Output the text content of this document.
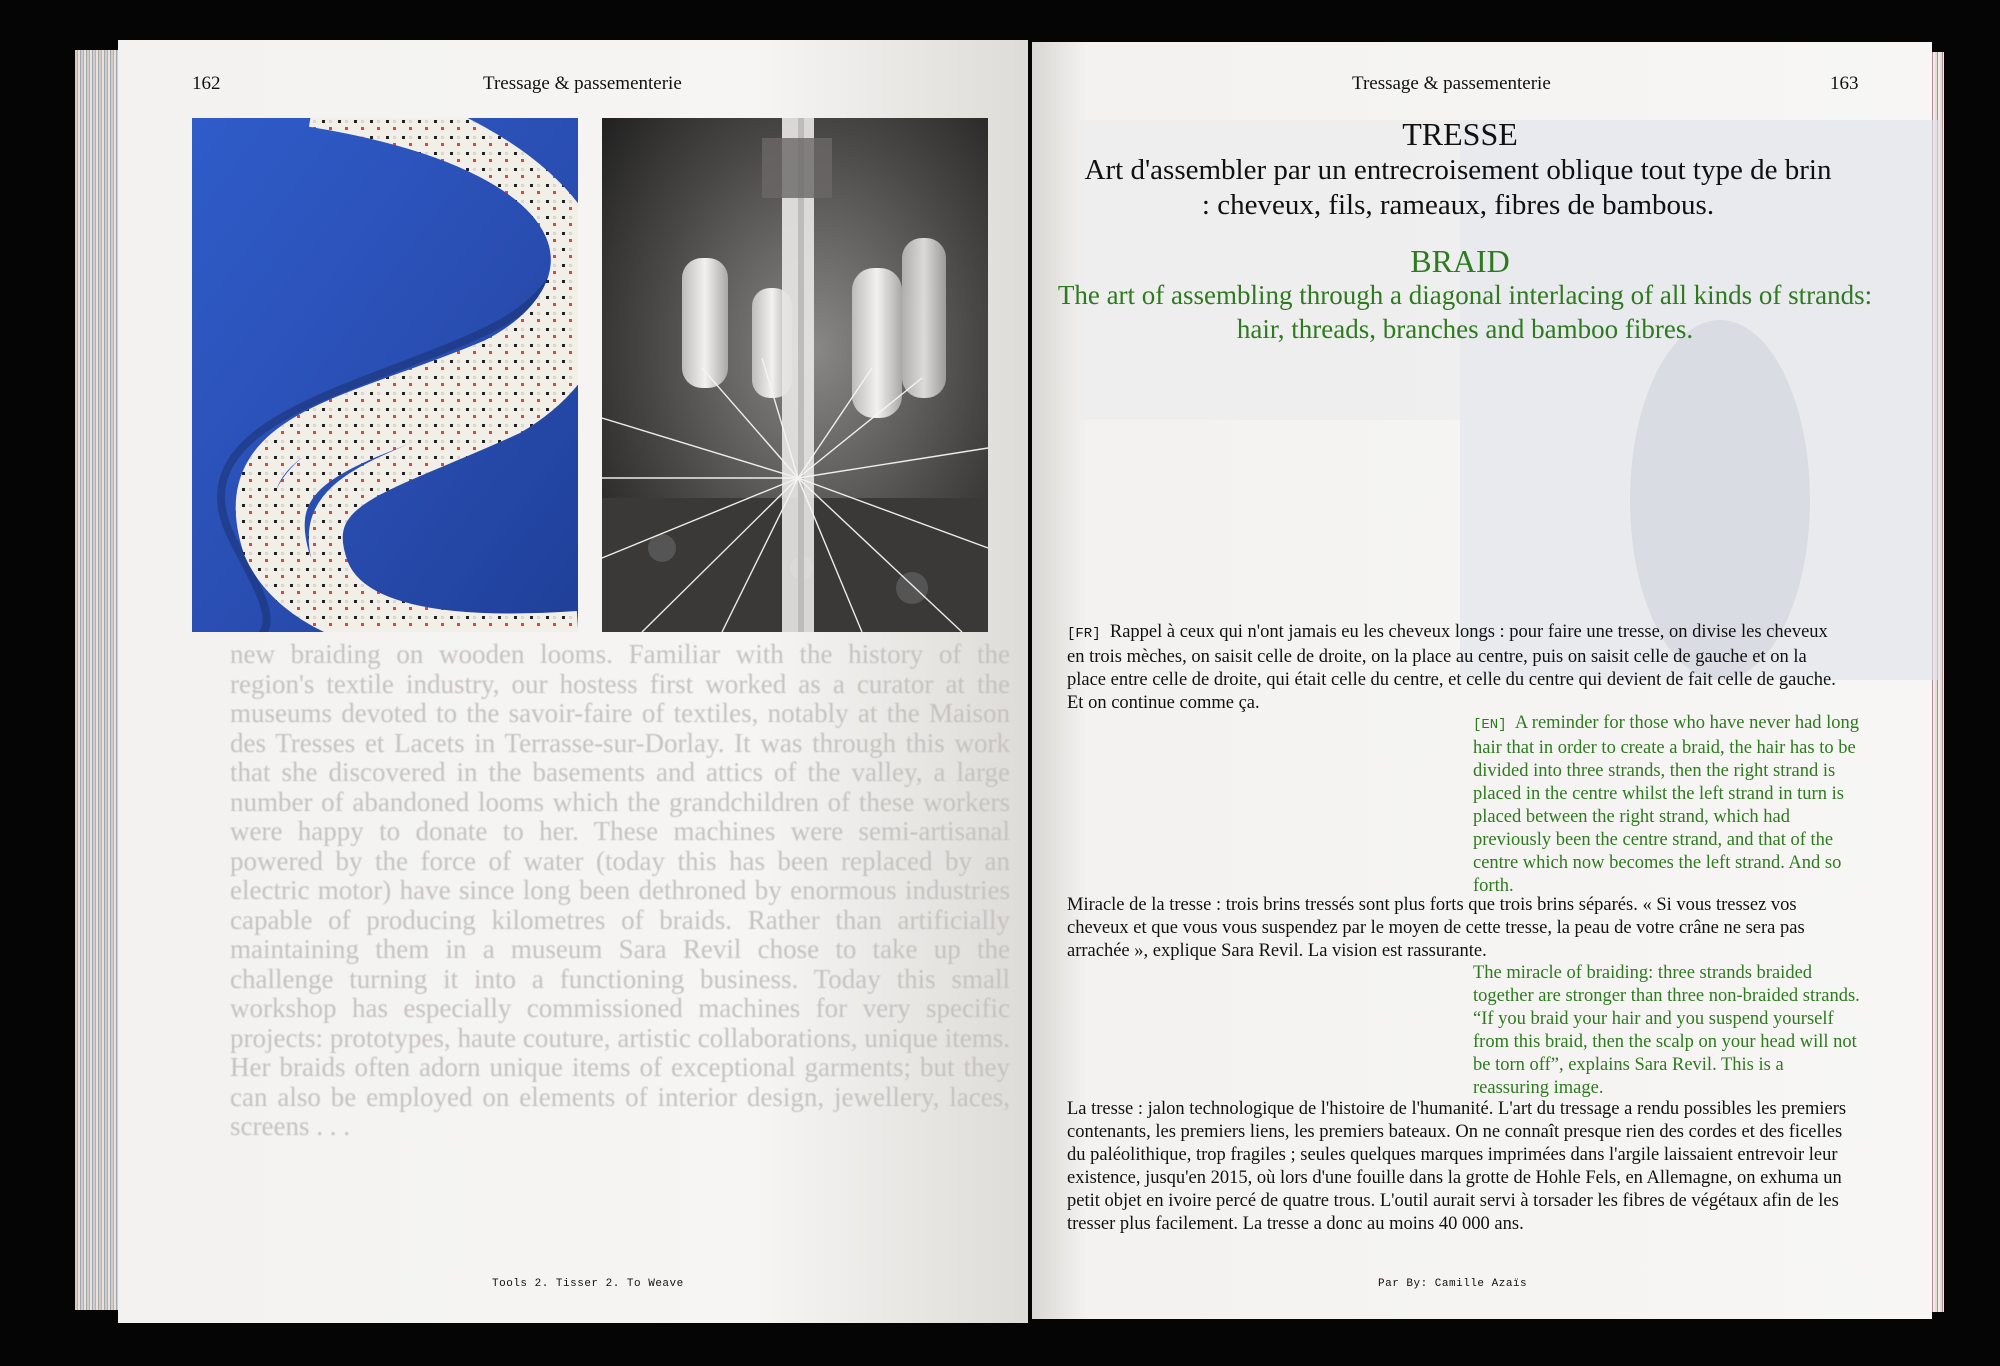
162	Tressage & passementerie
new braiding on wooden looms. Familiar with the history of the region's textile industry, our hostess first worked as a curator at the museums devoted to the savoir-faire of textiles, notably at the Maison des Tresses et Lacets in Terrasse-sur-Dorlay. It was through this work that she discovered in the basements and attics of the valley, a large number of abandoned looms which the grandchildren of these workers were happy to donate to her. These machines were semi-artisanal powered by the force of water (today this has been replaced by an electric motor) have since long been dethroned by enormous industries capable of producing kilometres of braids. Rather than artificially maintaining them in a museum Sara Revil chose to take up the challenge turning it into a functioning business. Today this small workshop has especially commissioned machines for very specific projects: prototypes, haute couture, artistic collaborations, unique items. Her braids often adorn unique items of exceptional garments; but they can also be employed on elements of interior design, jewellery, laces, screens . . .
Tools 2. Tisser 2. To Weave
Tressage & passementerie	163
TRESSE
Art d'assembler par un entrecroisement oblique tout type de brin : cheveux, fils, rameaux, fibres de bambous.
BRAID
The art of assembling through a diagonal interlacing of all kinds of strands: hair, threads, branches and bamboo fibres.
[FR] Rappel à ceux qui n'ont jamais eu les cheveux longs : pour faire une tresse, on divise les cheveux en trois mèches, on saisit celle de droite, on la place au centre, puis on saisit celle de gauche et on la place entre celle de droite, qui était celle du centre, et celle du centre qui devient de fait celle de gauche. Et on continue comme ça.
[EN] A reminder for those who have never had long hair that in order to create a braid, the hair has to be divided into three strands, then the right strand is placed in the centre whilst the left strand in turn is placed between the right strand, which had previously been the centre strand, and that of the centre which now becomes the left strand. And so forth.
Miracle de la tresse : trois brins tressés sont plus forts que trois brins séparés. « Si vous tressez vos cheveux et que vous vous suspendez par le moyen de cette tresse, la peau de votre crâne ne sera pas arrachée », explique Sara Revil. La vision est rassurante.
The miracle of braiding: three strands braided together are stronger than three non-braided strands. “If you braid your hair and you suspend yourself from this braid, then the scalp on your head will not be torn off”, explains Sara Revil. This is a reassuring image.
La tresse : jalon technologique de l'histoire de l'humanité. L'art du tressage a rendu possibles les premiers contenants, les premiers liens, les premiers bateaux. On ne connaît presque rien des cordes et des ficelles du paléolithique, trop fragiles ; seules quelques marques imprimées dans l'argile laissaient entrevoir leur existence, jusqu'en 2015, où lors d'une fouille dans la grotte de Hohle Fels, en Allemagne, on exhuma un petit objet en ivoire percé de quatre trous. L'outil aurait servi à torsader les fibres de végétaux afin de les tresser plus facilement. La tresse a donc au moins 40 000 ans.
Par By: Camille Azaïs
